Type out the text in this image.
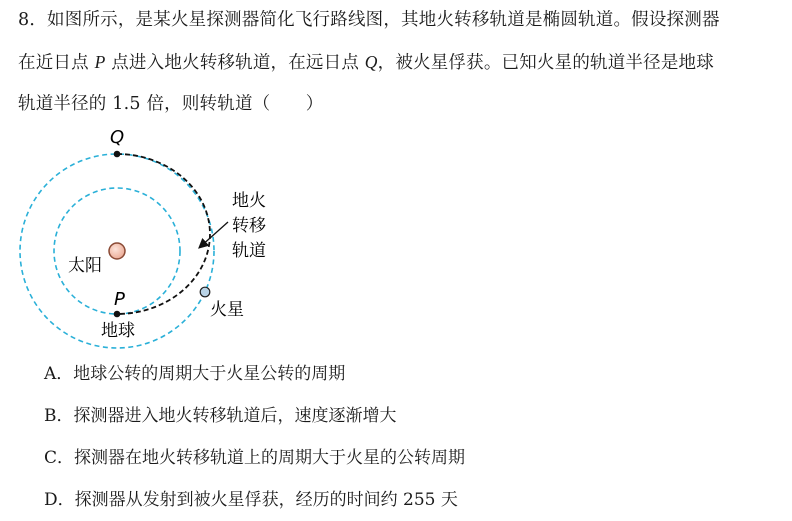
8．如图所示，是某火星探测器简化飞行路线图，其地火转移轨道是椭圆轨道。假设探测器
在近日点 P 点进入地火转移轨道，在远日点 Q，被火星俘获。已知火星的轨道半径是地球
轨道半径的 1.5 倍，则转轨道（　　）
Q
P
太阳
地球
火星
地火
转移
轨道
A．地球公转的周期大于火星公转的周期
B．探测器进入地火转移轨道后，速度逐渐增大
C．探测器在地火转移轨道上的周期大于火星的公转周期
D．探测器从发射到被火星俘获，经历的时间约 255 天
